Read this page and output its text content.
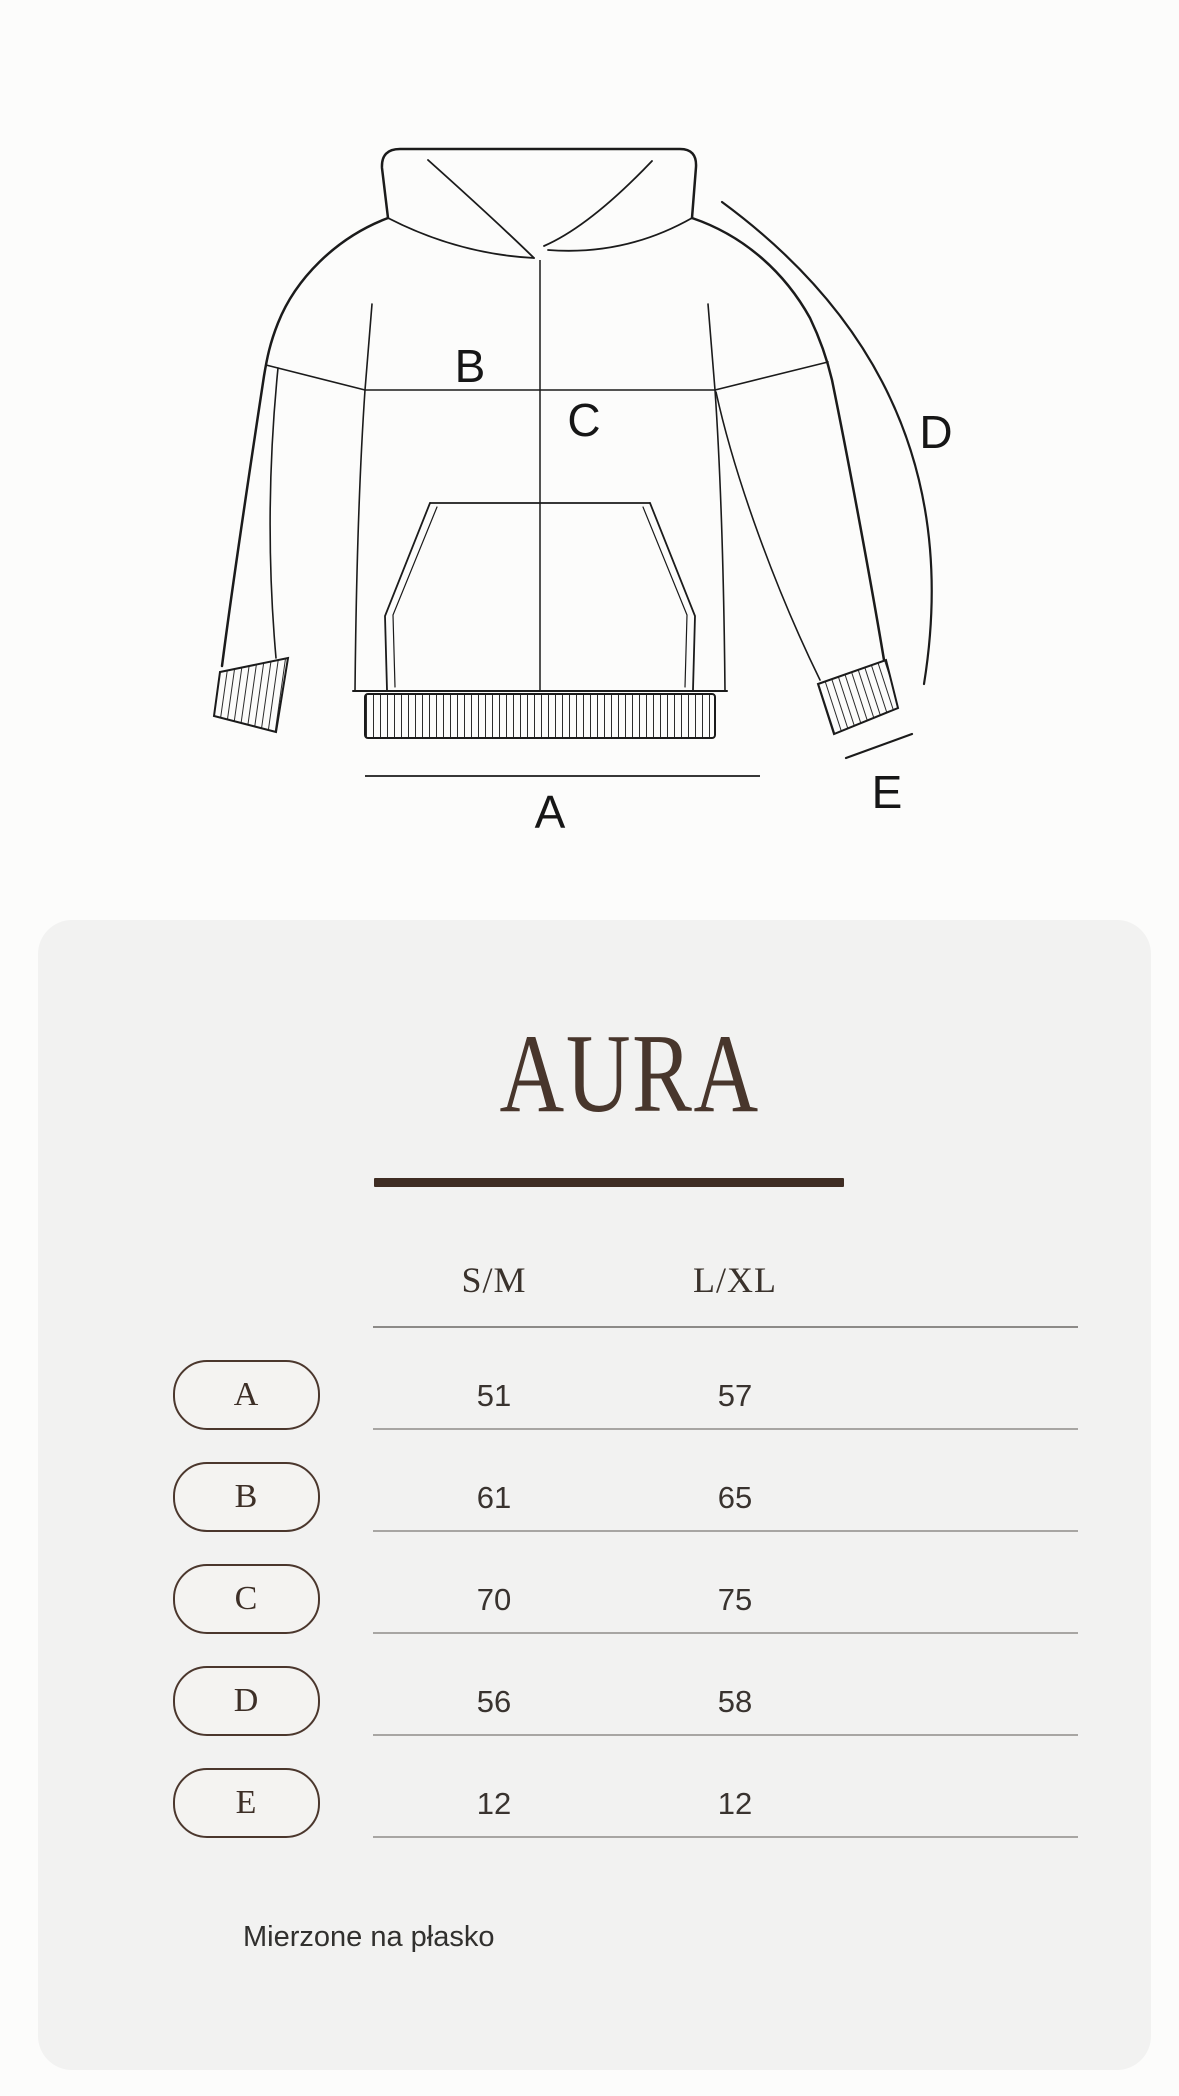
B
C	D
A	E
AURA
S/M	L/XL
A	51	57
B	61	65
C	70	75
D	56	58
E	12	12
Mierzone na płasko
